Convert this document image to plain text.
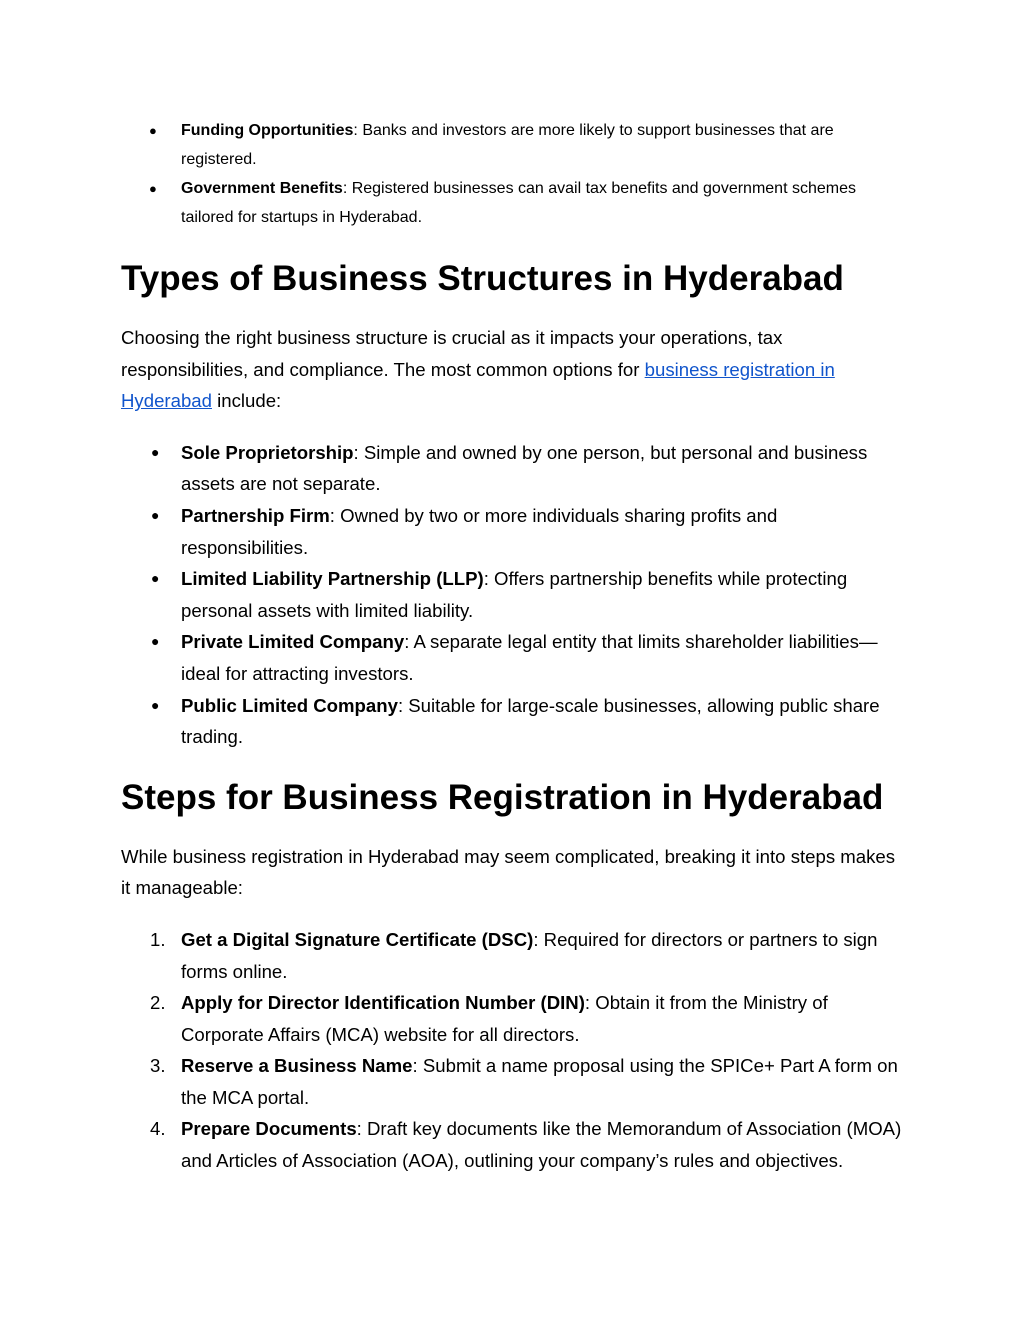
● Funding Opportunities: Banks and investors are more likely to support businesses that are registered.
● Government Benefits: Registered businesses can avail tax benefits and government schemes tailored for startups in Hyderabad.
Types of Business Structures in Hyderabad

Choosing the right business structure is crucial as it impacts your operations, tax responsibilities, and compliance. The most common options for business registration in Hyderabad include:

● Sole Proprietorship: Simple and owned by one person, but personal and business assets are not separate.
● Partnership Firm: Owned by two or more individuals sharing profits and responsibilities.
● Limited Liability Partnership (LLP): Offers partnership benefits while protecting personal assets with limited liability.
● Private Limited Company: A separate legal entity that limits shareholder liabilities—ideal for attracting investors.
● Public Limited Company: Suitable for large-scale businesses, allowing public share trading.
Steps for Business Registration in Hyderabad

While business registration in Hyderabad may seem complicated, breaking it into steps makes it manageable:

1. Get a Digital Signature Certificate (DSC): Required for directors or partners to sign forms online.
2. Apply for Director Identification Number (DIN): Obtain it from the Ministry of Corporate Affairs (MCA) website for all directors.
3. Reserve a Business Name: Submit a name proposal using the SPICe+ Part A form on the MCA portal.
4. Prepare Documents: Draft key documents like the Memorandum of Association (MOA) and Articles of Association (AOA), outlining your company’s rules and objectives.
